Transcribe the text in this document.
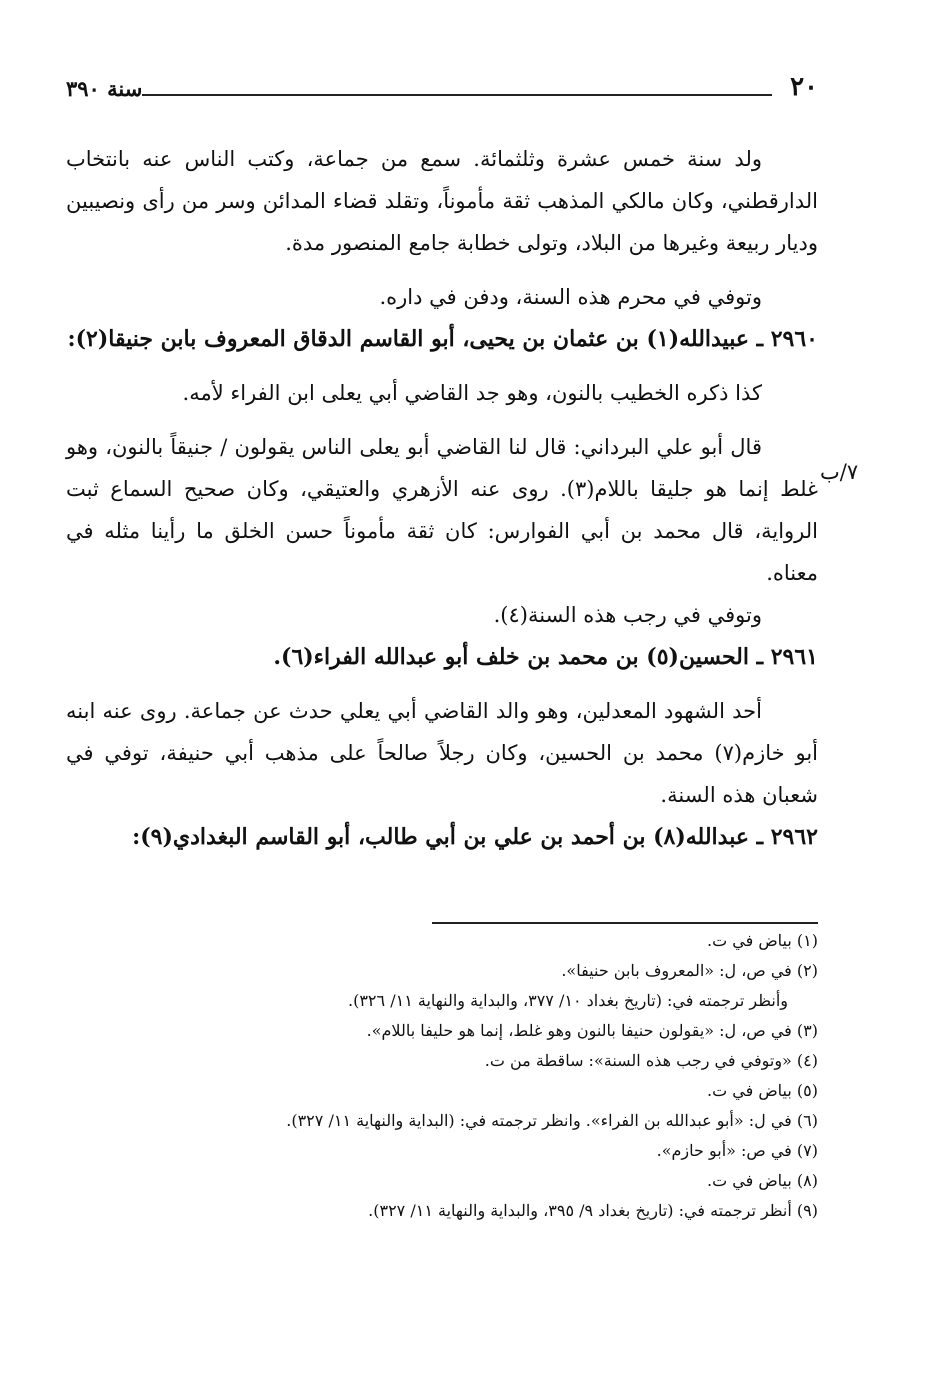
٢٠
سنة ٣٩٠
٧/ب

ولد سنة خمس عشرة وثلثمائة. سمع من جماعة، وكتب الناس عنه بانتخاب الدارقطني، وكان مالكي المذهب ثقة مأموناً، وتقلد قضاء المدائن وسر من رأى ونصيبين وديار ربيعة وغيرها من البلاد، وتولى خطابة جامع المنصور مدة.

وتوفي في محرم هذه السنة، ودفن في داره.

٢٩٦٠ ـ عبيدالله(١) بن عثمان بن يحيى، أبو القاسم الدقاق المعروف بابن جنيقا(٢):

كذا ذكره الخطيب بالنون، وهو جد القاضي أبي يعلى ابن الفراء لأمه.

قال أبو علي البرداني: قال لنا القاضي أبو يعلى الناس يقولون / جنيقاً بالنون، وهو غلط إنما هو جليقا باللام(٣). روى عنه الأزهري والعتيقي، وكان صحيح السماع ثبت الرواية، قال محمد بن أبي الفوارس: كان ثقة مأموناً حسن الخلق ما رأينا مثله في معناه.

وتوفي في رجب هذه السنة(٤).

٢٩٦١ ـ الحسين(٥) بن محمد بن خلف أبو عبدالله الفراء(٦).

أحد الشهود المعدلين، وهو والد القاضي أبي يعلي حدث عن جماعة. روى عنه ابنه أبو خازم(٧) محمد بن الحسين، وكان رجلاً صالحاً على مذهب أبي حنيفة، توفي في شعبان هذه السنة.

٢٩٦٢ ـ عبدالله(٨) بن أحمد بن علي بن أبي طالب، أبو القاسم البغدادي(٩):

(١) بياض في ت.

(٢) في ص، ل: «المعروف بابن حنيفا».

وأنظر ترجمته في: (تاريخ بغداد ١٠/ ٣٧٧، والبداية والنهاية ١١/ ٣٢٦).

(٣) في ص، ل: «يقولون حنيفا بالنون وهو غلط، إنما هو حليفا باللام».

(٤) «وتوفي في رجب هذه السنة»: ساقطة من ت.

(٥) بياض في ت.

(٦) في ل: «أبو عبدالله بن الفراء». وانظر ترجمته في: (البداية والنهاية ١١/ ٣٢٧).

(٧) في ص: «أبو حازم».

(٨) بياض في ت.

(٩) أنظر ترجمته في: (تاريخ بغداد ٩/ ٣٩٥، والبداية والنهاية ١١/ ٣٢٧).
